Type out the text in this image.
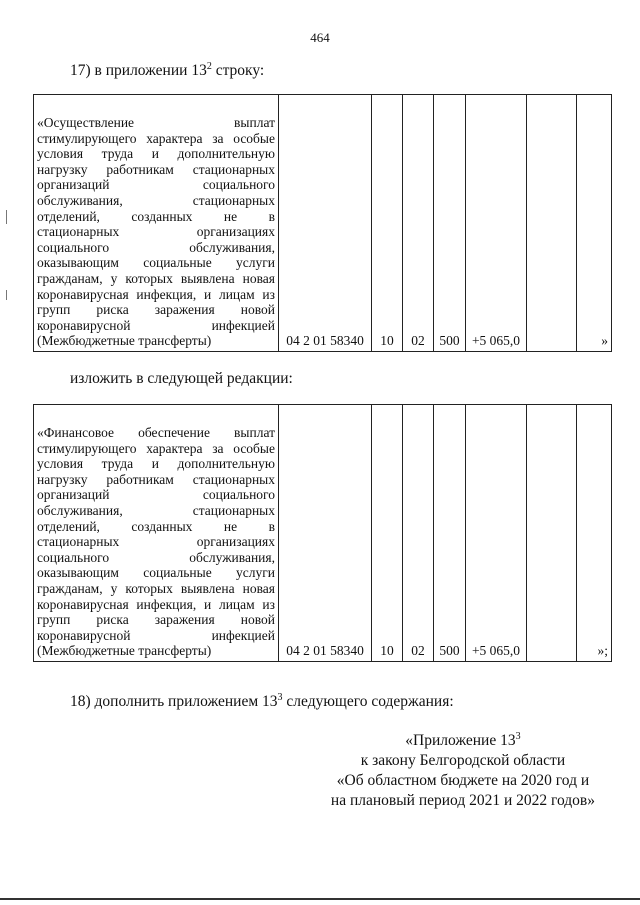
464
17) в приложении $13^2$ строку:
«Осуществление выплат
стимулирующего характера за особые
условия труда и дополнительную
нагрузку работникам стационарных
организаций социального
обслуживания, стационарных
отделений, созданных не в
стационарных организациях
социального обслуживания,
оказывающим социальные услуги
гражданам, у которых выявлена новая
коронавирусная инфекция, и лицам из
групп риска заражения новой
коронавирусной инфекцией
(Межбюджетные трансферты)	04 2 01 58340	10	02	500	+5 065,0		»
изложить в следующей редакции:
«Финансовое обеспечение выплат
стимулирующего характера за особые
условия труда и дополнительную
нагрузку работникам стационарных
организаций социального
обслуживания, стационарных
отделений, созданных не в
стационарных организациях
социального обслуживания,
оказывающим социальные услуги
гражданам, у которых выявлена новая
коронавирусная инфекция, и лицам из
групп риска заражения новой
коронавирусной инфекцией
(Межбюджетные трансферты)	04 2 01 58340	10	02	500	+5 065,0		»;
18) дополнить приложением $13^3$ следующего содержания:
«Приложение $13^3$
к закону Белгородской области
«Об областном бюджете на 2020 год и
на плановый период 2021 и 2022 годов»
